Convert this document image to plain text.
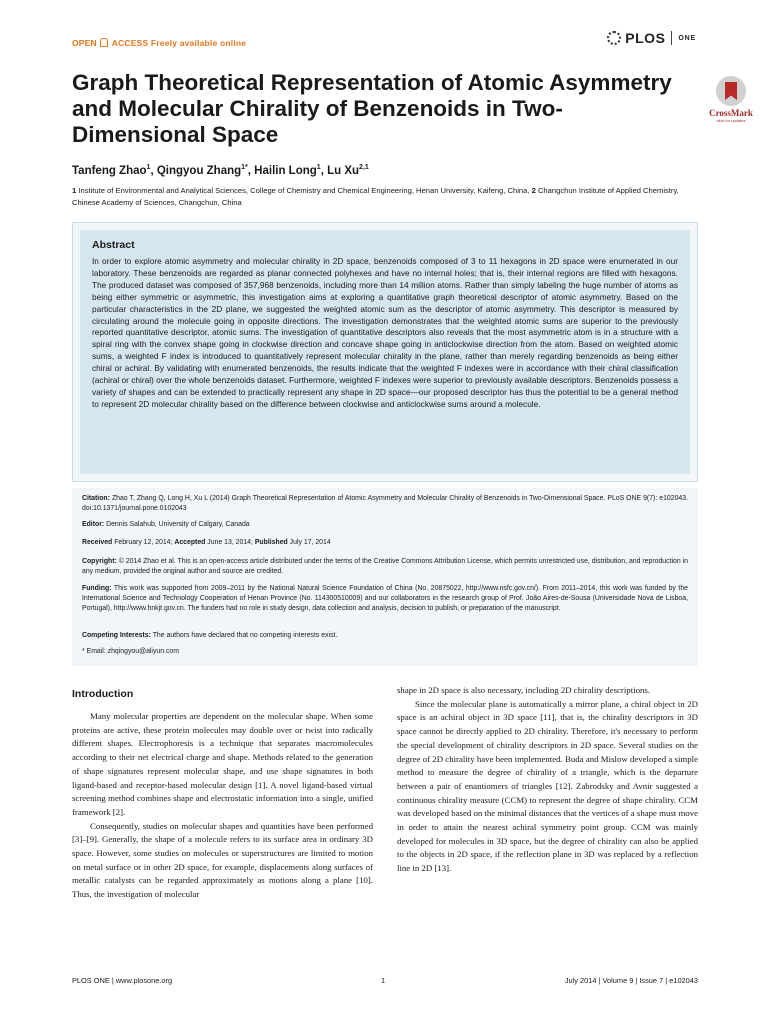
OPEN ACCESS Freely available online	PLOS ONE
Graph Theoretical Representation of Atomic Asymmetry and Molecular Chirality of Benzenoids in Two-Dimensional Space
CrossMark
click for updates
Tanfeng Zhao$^1$, Qingyou Zhang$^{1*}$, Hailin Long$^1$, Lu Xu$^{2,1}$
1 Institute of Environmental and Analytical Sciences, College of Chemistry and Chemical Engineering, Henan University, Kaifeng, China, 2 Changchun Institute of Applied Chemistry, Chinese Academy of Sciences, Changchun, China
Abstract
In order to explore atomic asymmetry and molecular chirality in 2D space, benzenoids composed of 3 to 11 hexagons in 2D space were enumerated in our laboratory. These benzenoids are regarded as planar connected polyhexes and have no internal holes; that is, their internal regions are filled with hexagons. The produced dataset was composed of 357,968 benzenoids, including more than 14 million atoms. Rather than simply labeling the huge number of atoms as being either symmetric or asymmetric, this investigation aims at exploring a quantitative graph theoretical descriptor of atomic asymmetry. Based on the particular characteristics in the 2D plane, we suggested the weighted atomic sum as the descriptor of atomic asymmetry. This descriptor is measured by circulating around the molecule going in opposite directions. The investigation demonstrates that the weighted atomic sums are superior to the previously reported quantitative descriptor, atomic sums. The investigation of quantitative descriptors also reveals that the most asymmetric atom is in a structure with a spiral ring with the convex shape going in clockwise direction and concave shape going in anticlockwise direction from the atom. Based on weighted atomic sums, a weighted F index is introduced to quantitatively represent molecular chirality in the plane, rather than merely regarding benzenoids as being either chiral or achiral. By validating with enumerated benzenoids, the results indicate that the weighted F indexes were in accordance with their chiral classification (achiral or chiral) over the whole benzenoids dataset. Furthermore, weighted F indexes were superior to previously available descriptors. Benzenoids possess a variety of shapes and can be extended to practically represent any shape in 2D space—our proposed descriptor has thus the potential to be a general method to represent 2D molecular chirality based on the difference between clockwise and anticlockwise sums around a molecule.
Citation: Zhao T, Zhang Q, Long H, Xu L (2014) Graph Theoretical Representation of Atomic Asymmetry and Molecular Chirality of Benzenoids in Two-Dimensional Space. PLoS ONE 9(7): e102043. doi:10.1371/journal.pone.0102043
Editor: Dennis Salahub, University of Calgary, Canada
Received February 12, 2014; Accepted June 13, 2014; Published July 17, 2014
Copyright: © 2014 Zhao et al. This is an open-access article distributed under the terms of the Creative Commons Attribution License, which permits unrestricted use, distribution, and reproduction in any medium, provided the original author and source are credited.
Funding: This work was supported from 2009–2011 by the National Natural Science Foundation of China (No. 20875022, http://www.nsfc.gov.cn/). From 2011–2014, this work was funded by the International Science and Technology Cooperation of Henan Province (No. 114300510009) and our collaborators in the research group of Prof. João Aires-de-Sousa (Universidade Nova de Lisboa, Portugal), http://www.hnkjt.gov.cn. The funders had no role in study design, data collection and analysis, decision to publish, or preparation of the manuscript.
Competing Interests: The authors have declared that no competing interests exist.
* Email: zhqingyou@aliyun.com
Introduction

Many molecular properties are dependent on the molecular shape. When some proteins are active, these protein molecules may double over or twist into radically different shapes. Electrophoresis is a technique that separates macromolecules according to their net electrical charge and shape. Methods related to the generation of shape signatures represent molecular shape, and use shape signatures in both ligand-based and receptor-based molecular design [1]. A novel ligand-based virtual screening method combines shape and electrostatic information into a single, unified framework [2].

Consequently, studies on molecular shapes and quantities have been performed [3]–[9]. Generally, the shape of a molecule refers to its surface area in ordinary 3D space. However, some studies on molecules or superstructures are limited to motion on metal surface or in other 2D space, for example, displacements along surfaces of metallic catalysts can be regarded approximately as motions along a plane [10]. Thus, the investigation of molecular

shape in 2D space is also necessary, including 2D chirality descriptions.

Since the molecular plane is automatically a mirror plane, a chiral object in 2D space is an achiral object in 3D space [11], that is, the chirality descriptors in 3D space cannot be directly applied to 2D chirality. Therefore, it's necessary to perform the special development of chirality descriptors in 2D space. Several studies on the degree of 2D chirality have been implemented. Buda and Mislow developed a simple method to measure the degree of chirality of a triangle, which is the departure between a pair of enantiomers of triangles [12]. Zabrodsky and Avnir suggested a continuous chirality measure (CCM) to represent the degree of shape chirality. CCM was developed based on the minimal distances that the vertices of a shape must move in order to attain the nearest achiral symmetry point group. CCM was mainly developed for molecules in 3D space, but the degree of chirality can also be applied to the objects in 2D space, if the reflection plane in 3D was replaced by a reflection line in 2D [13].

PLOS ONE | www.plosone.org	1	July 2014 | Volume 9 | Issue 7 | e102043
